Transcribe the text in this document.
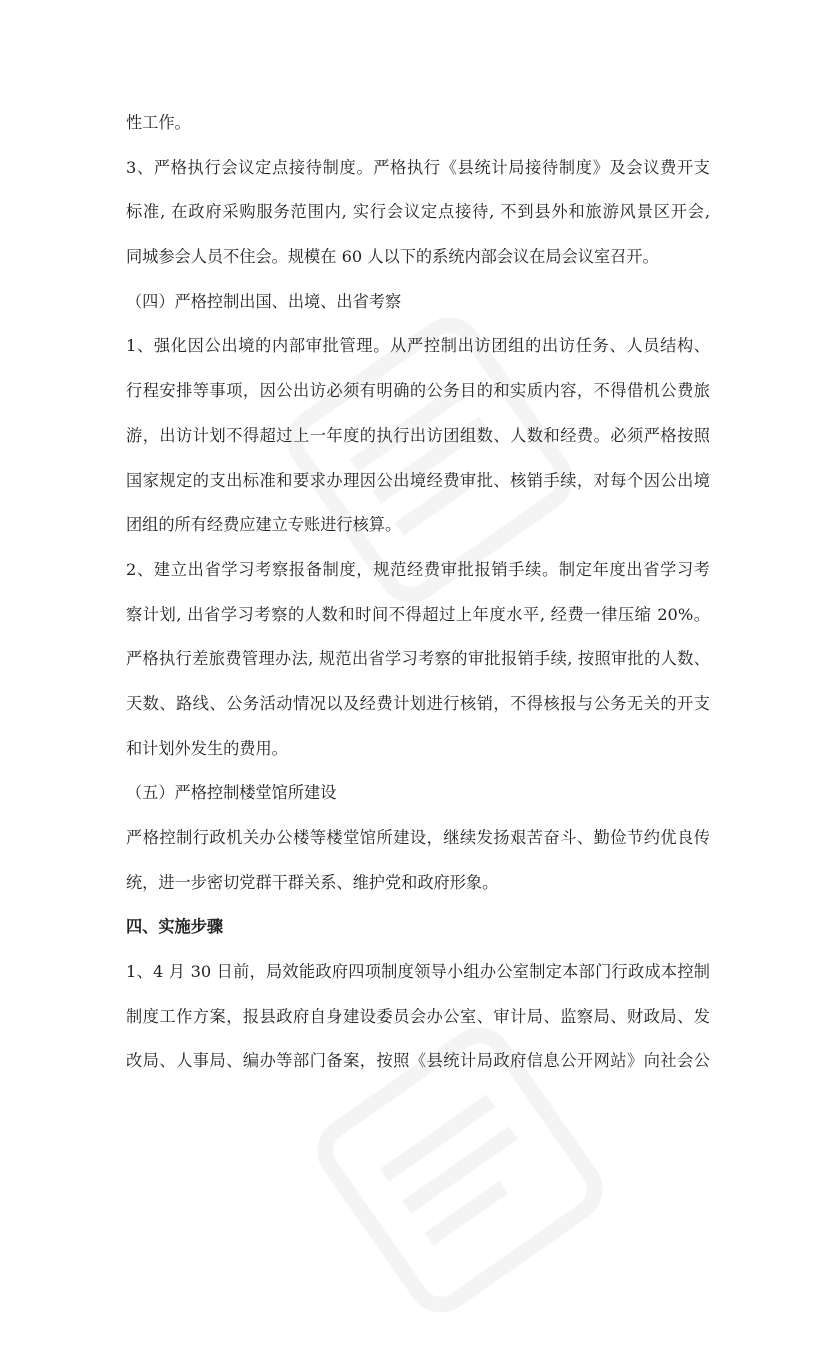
性工作。
3、严格执行会议定点接待制度。严格执行《县统计局接待制度》及会议费开支
标准, 在政府采购服务范围内, 实行会议定点接待, 不到县外和旅游风景区开会,
同城参会人员不住会。规模在 60 人以下的系统内部会议在局会议室召开。
（四）严格控制出国、出境、出省考察
1、强化因公出境的内部审批管理。从严控制出访团组的出访任务、人员结构、
行程安排等事项，因公出访必须有明确的公务目的和实质内容，不得借机公费旅
游，出访计划不得超过上一年度的执行出访团组数、人数和经费。必须严格按照
国家规定的支出标准和要求办理因公出境经费审批、核销手续，对每个因公出境
团组的所有经费应建立专账进行核算。
2、建立出省学习考察报备制度，规范经费审批报销手续。制定年度出省学习考
察计划, 出省学习考察的人数和时间不得超过上年度水平, 经费一律压缩 20%。
严格执行差旅费管理办法, 规范出省学习考察的审批报销手续, 按照审批的人数、
天数、路线、公务活动情况以及经费计划进行核销，不得核报与公务无关的开支
和计划外发生的费用。
（五）严格控制楼堂馆所建设
严格控制行政机关办公楼等楼堂馆所建设，继续发扬艰苦奋斗、勤俭节约优良传
统，进一步密切党群干群关系、维护党和政府形象。
四、实施步骤
1、4 月 30 日前，局效能政府四项制度领导小组办公室制定本部门行政成本控制
制度工作方案，报县政府自身建设委员会办公室、审计局、监察局、财政局、发
改局、人事局、编办等部门备案，按照《县统计局政府信息公开网站》向社会公
